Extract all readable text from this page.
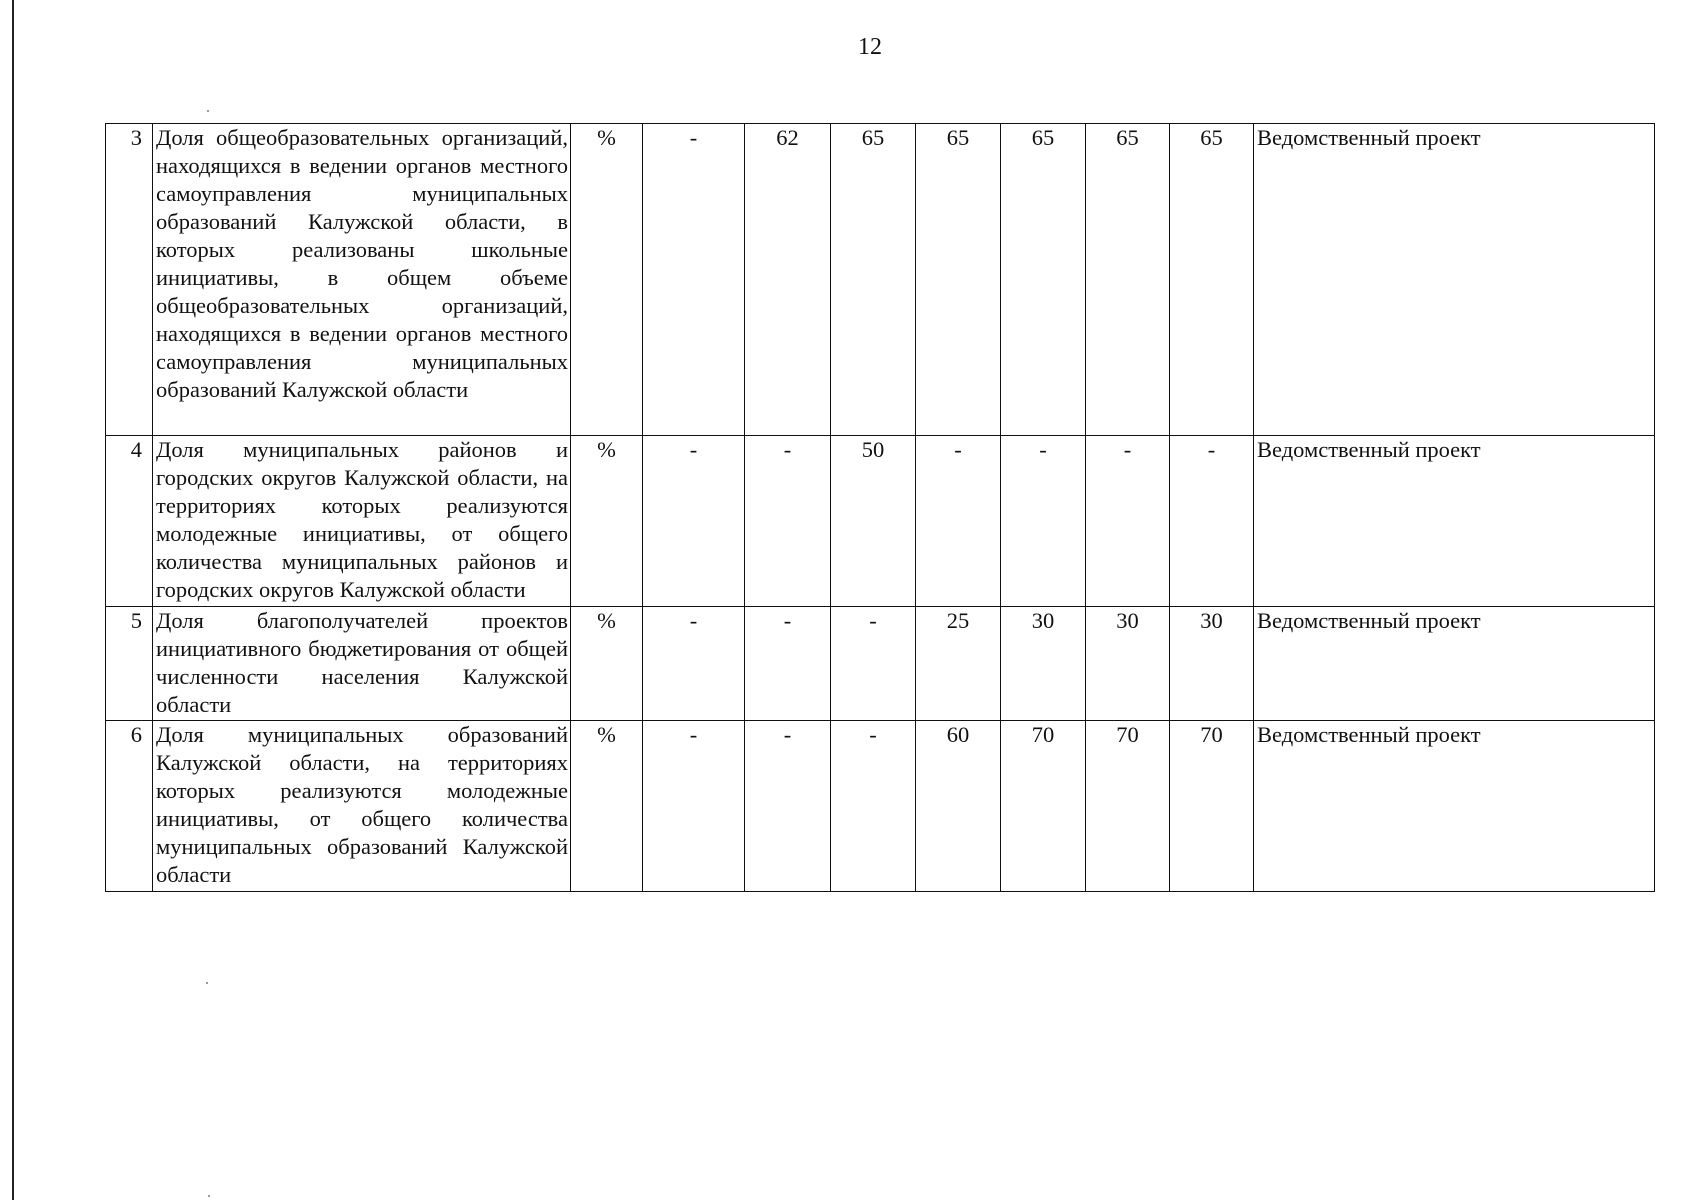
12
3	Доля общеобразовательных организаций, находящихся в ведении органов местного самоуправления муниципальных образований Калужской области, в которых реализованы школьные инициативы, в общем объеме общеобразовательных организаций, находящихся в ведении органов местного самоуправления муниципальных образований Калужской области	%	-	62	65	65	65	65	65	Ведомственный проект
4	Доля муниципальных районов и городских округов Калужской области, на территориях которых реализуются молодежные инициативы, от общего количества муниципальных районов и городских округов Калужской области	%	-	-	50	-	-	-	-	Ведомственный проект
5	Доля благополучателей проектов инициативного бюджетирования от общей численности населения Калужской области	%	-	-	-	25	30	30	30	Ведомственный проект
6	Доля муниципальных образований Калужской области, на территориях которых реализуются молодежные инициативы, от общего количества муниципальных образований Калужской области	%	-	-	-	60	70	70	70	Ведомственный проект
